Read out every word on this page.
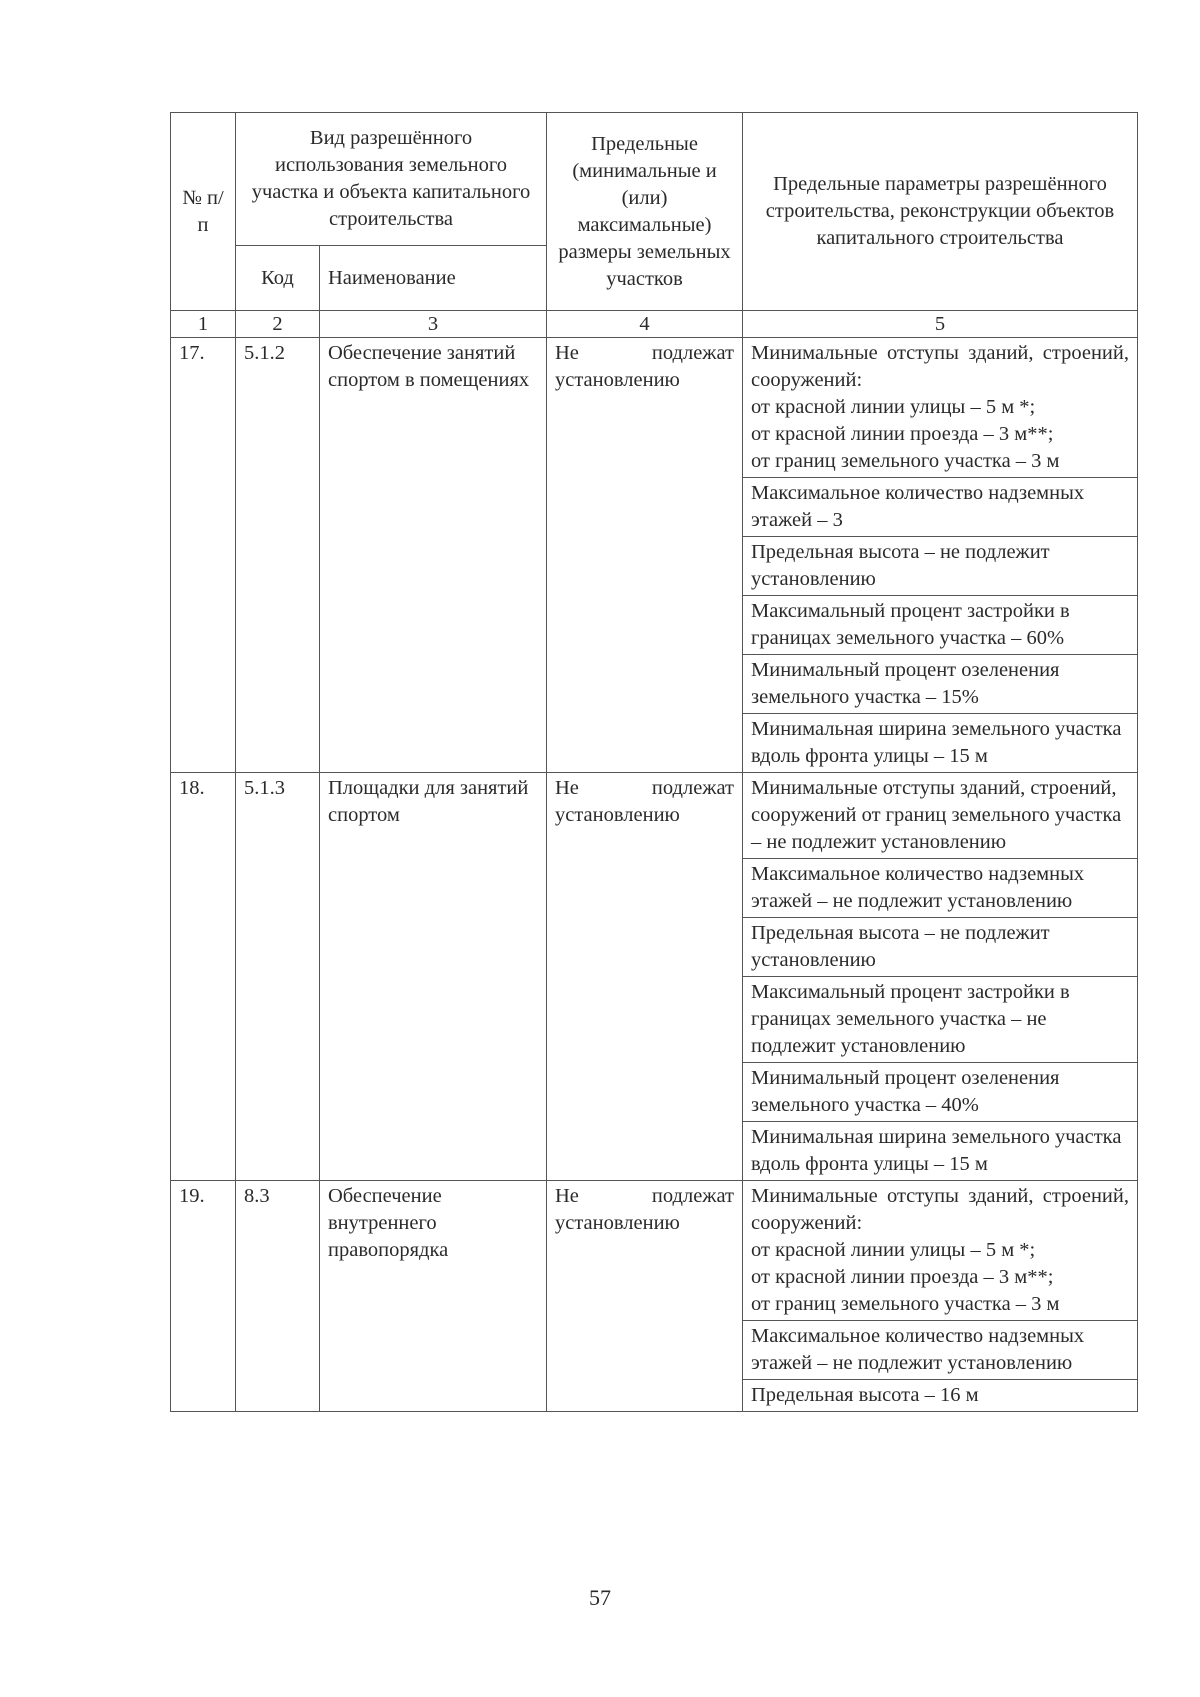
№ п/п	Вид разрешённого использования земельного участка и объекта капитального строительства		Предельные (минимальные и (или) максимальные) размеры земельных участков	Предельные параметры разрешённого строительства, реконструкции объектов капитального строительства
	Код	Наименование		
1	2	3	4	5
17.	5.1.2	Обеспечение занятий спортом в помещениях	Не подлежат установлению	Минимальные отступы зданий, строений, сооружений:
от красной линии улицы – 5 м *;
от красной линии проезда – 3 м**;
от границ земельного участка – 3 м

				Максимальное количество надземных этажей – 3

				Предельная высота – не подлежит установлению

				Максимальный процент застройки в границах земельного участка – 60%

				Минимальный процент озеленения земельного участка – 15%

				Минимальная ширина земельного участка вдоль фронта улицы – 15 м

18.	5.1.3	Площадки для занятий спортом	Не подлежат установлению	Минимальные отступы зданий, строений, сооружений от границ земельного участка – не подлежит установлению

				Максимальное количество надземных этажей – не подлежит установлению

				Предельная высота – не подлежит установлению

				Максимальный процент застройки в границах земельного участка – не подлежит установлению

				Минимальный процент озеленения земельного участка – 40%

				Минимальная ширина земельного участка вдоль фронта улицы – 15 м

19.	8.3	Обеспечение внутреннего правопорядка	Не подлежат установлению	Минимальные отступы зданий, строений, сооружений:
от красной линии улицы – 5 м *;
от красной линии проезда – 3 м**;
от границ земельного участка – 3 м

				Максимальное количество надземных этажей – не подлежит установлению

				Предельная высота – 16 м
57
